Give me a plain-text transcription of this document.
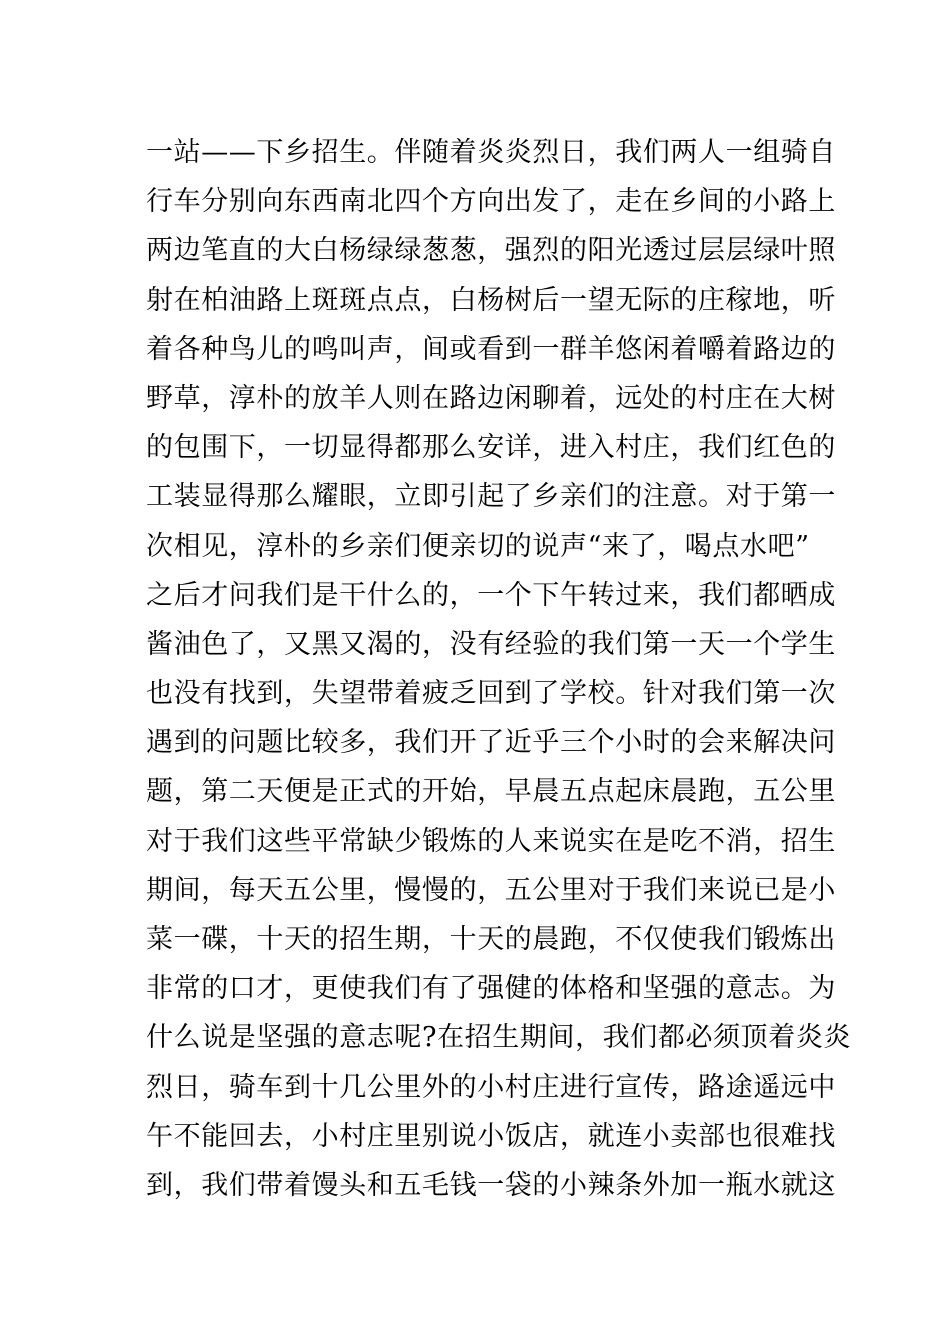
一站——下乡招生。伴随着炎炎烈日，我们两人一组骑自
行车分别向东西南北四个方向出发了，走在乡间的小路上
两边笔直的大白杨绿绿葱葱，强烈的阳光透过层层绿叶照
射在柏油路上斑斑点点，白杨树后一望无际的庄稼地，听
着各种鸟儿的鸣叫声，间或看到一群羊悠闲着嚼着路边的
野草，淳朴的放羊人则在路边闲聊着，远处的村庄在大树
的包围下，一切显得都那么安详，进入村庄，我们红色的
工装显得那么耀眼，立即引起了乡亲们的注意。对于第一
次相见，淳朴的乡亲们便亲切的说声“来了，喝点水吧”
之后才问我们是干什么的，一个下午转过来，我们都晒成
酱油色了，又黑又渴的，没有经验的我们第一天一个学生
也没有找到，失望带着疲乏回到了学校。针对我们第一次
遇到的问题比较多，我们开了近乎三个小时的会来解决问
题，第二天便是正式的开始，早晨五点起床晨跑，五公里
对于我们这些平常缺少锻炼的人来说实在是吃不消，招生
期间，每天五公里，慢慢的，五公里对于我们来说已是小
菜一碟，十天的招生期，十天的晨跑，不仅使我们锻炼出
非常的口才，更使我们有了强健的体格和坚强的意志。为
什么说是坚强的意志呢?在招生期间，我们都必须顶着炎炎
烈日，骑车到十几公里外的小村庄进行宣传，路途遥远中
午不能回去，小村庄里别说小饭店，就连小卖部也很难找
到，我们带着馒头和五毛钱一袋的小辣条外加一瓶水就这
